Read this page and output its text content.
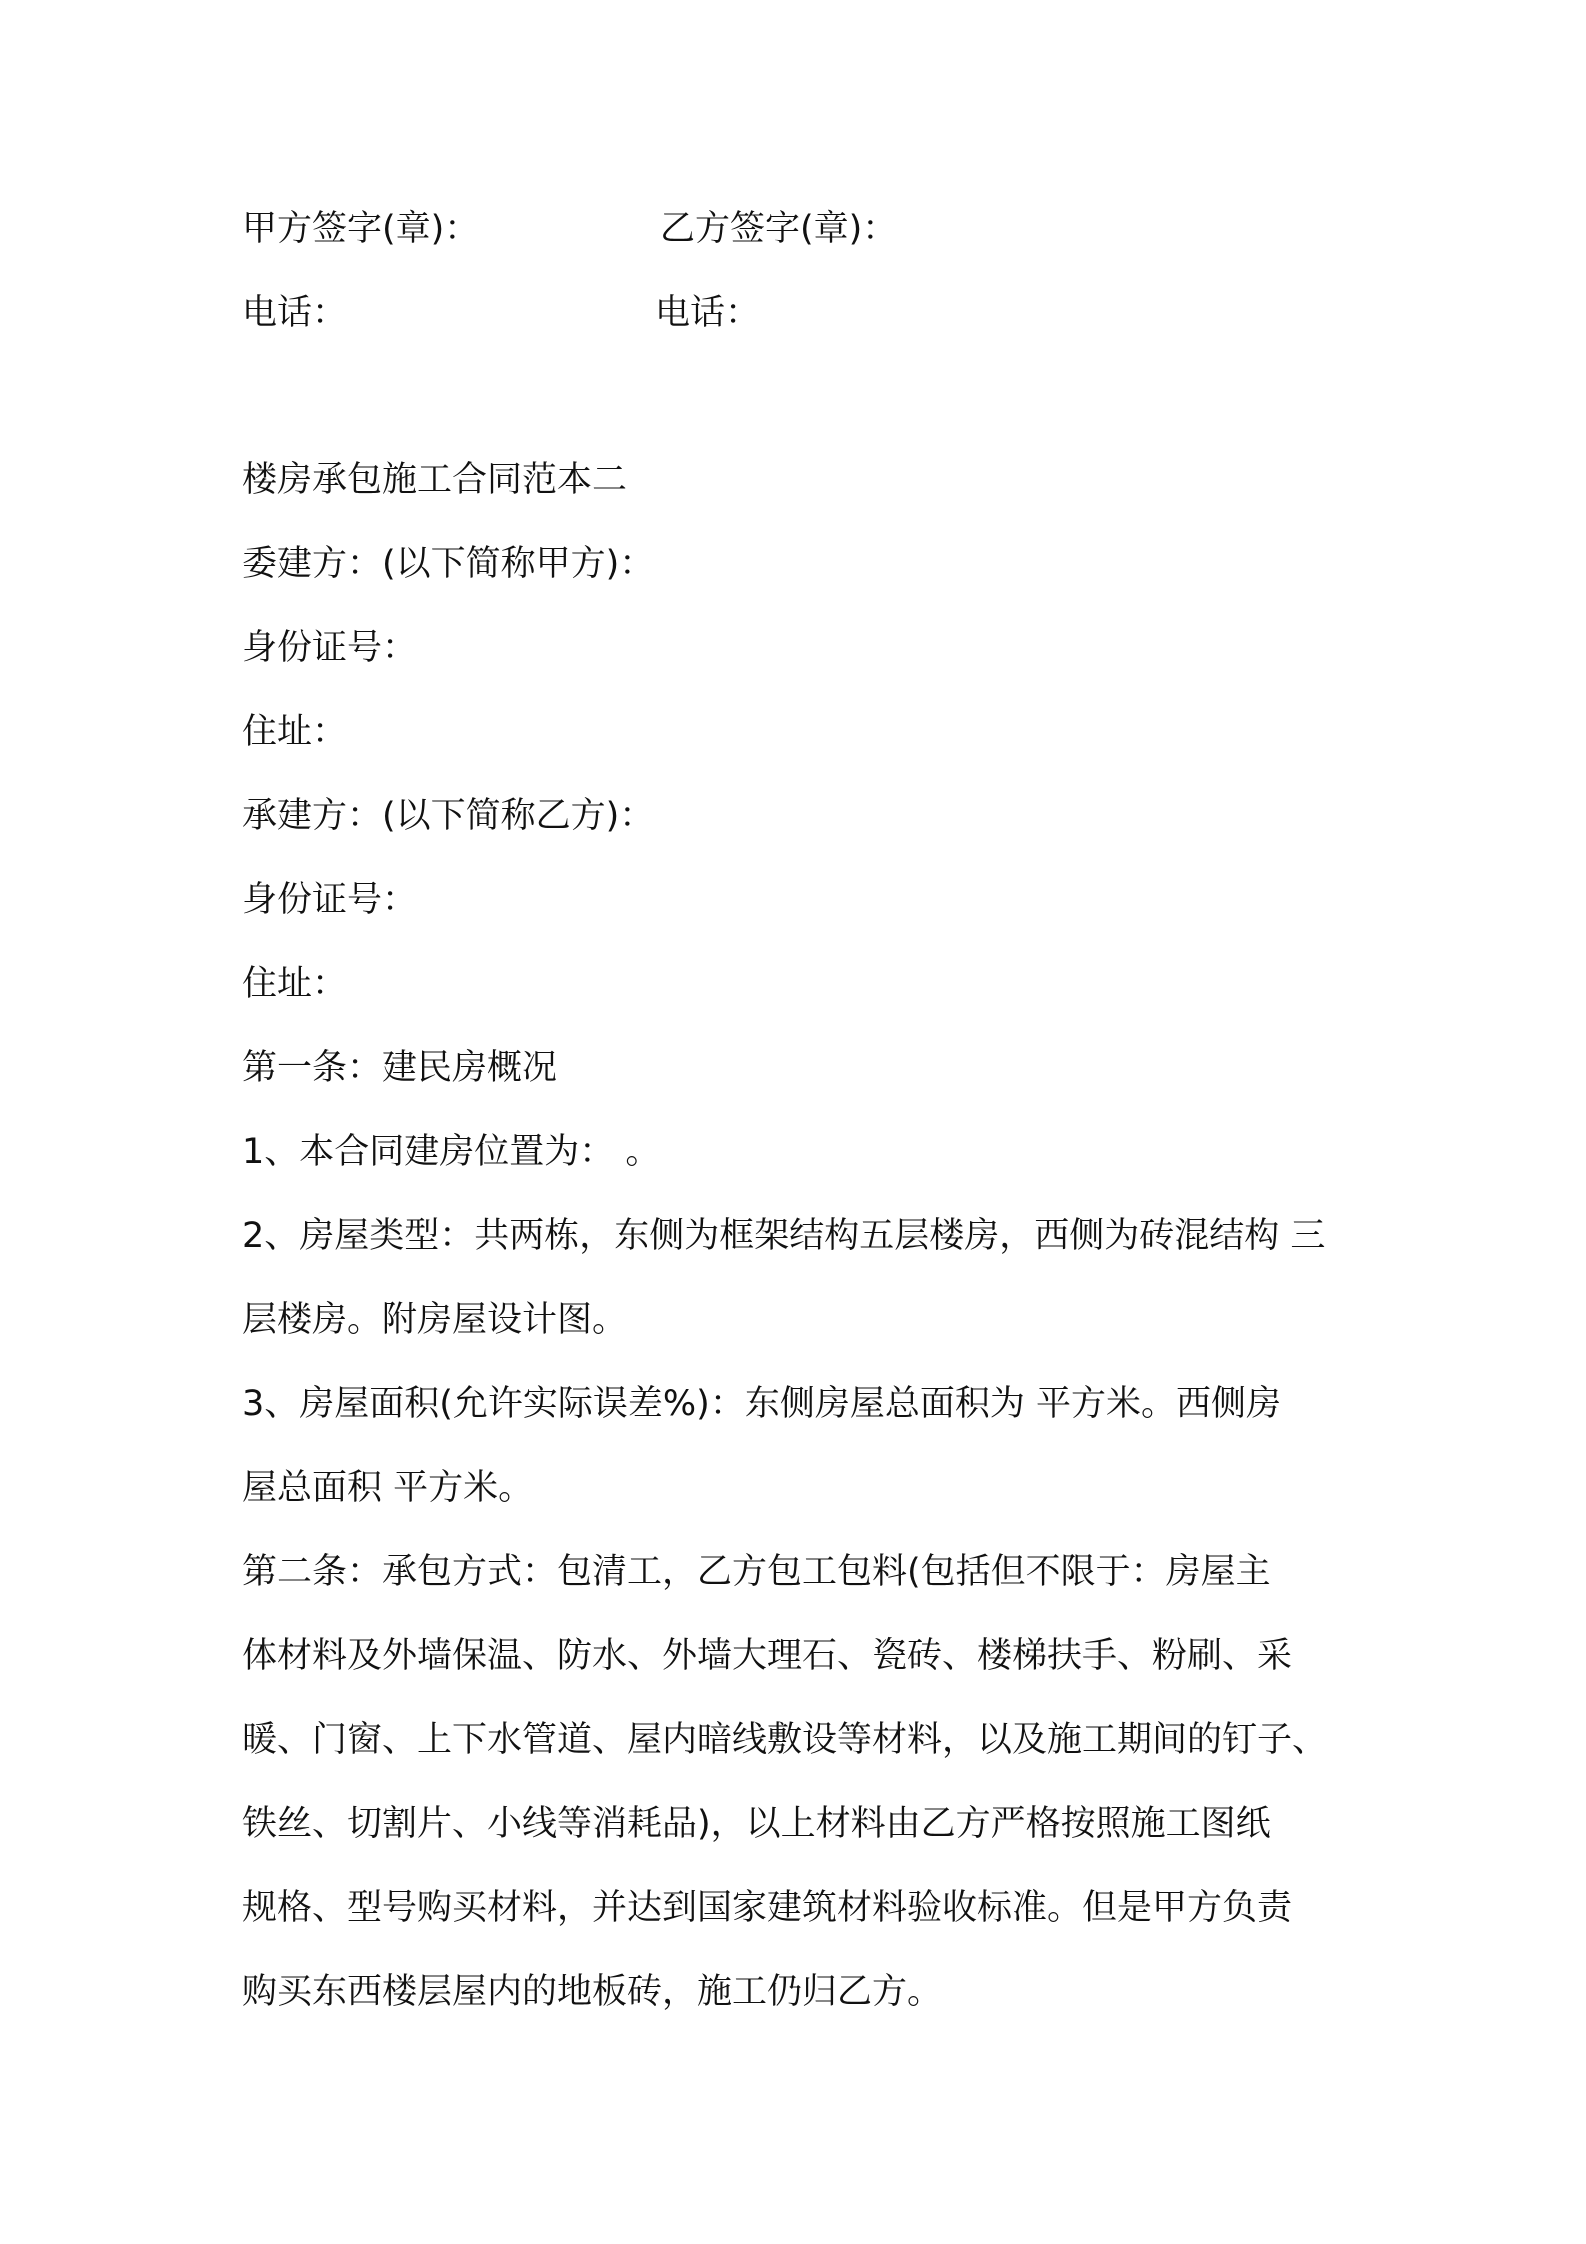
甲方签字(章)：	乙方签字(章)：
电话：	电话：
楼房承包施工合同范本二
委建方：(以下简称甲方)：
身份证号：
住址：
承建方：(以下简称乙方)：
身份证号：
住址：
第一条：建民房概况
1、本合同建房位置为： 。
2、房屋类型：共两栋，东侧为框架结构五层楼房，西侧为砖混结构 三
层楼房。附房屋设计图。
3、房屋面积(允许实际误差%)：东侧房屋总面积为 平方米。西侧房
屋总面积 平方米。
第二条：承包方式：包清工，乙方包工包料(包括但不限于：房屋主
体材料及外墙保温、防水、外墙大理石、瓷砖、楼梯扶手、粉刷、采
暖、门窗、上下水管道、屋内暗线敷设等材料，以及施工期间的钉子、
铁丝、切割片、小线等消耗品)，以上材料由乙方严格按照施工图纸
规格、型号购买材料，并达到国家建筑材料验收标准。但是甲方负责
购买东西楼层屋内的地板砖，施工仍归乙方。
